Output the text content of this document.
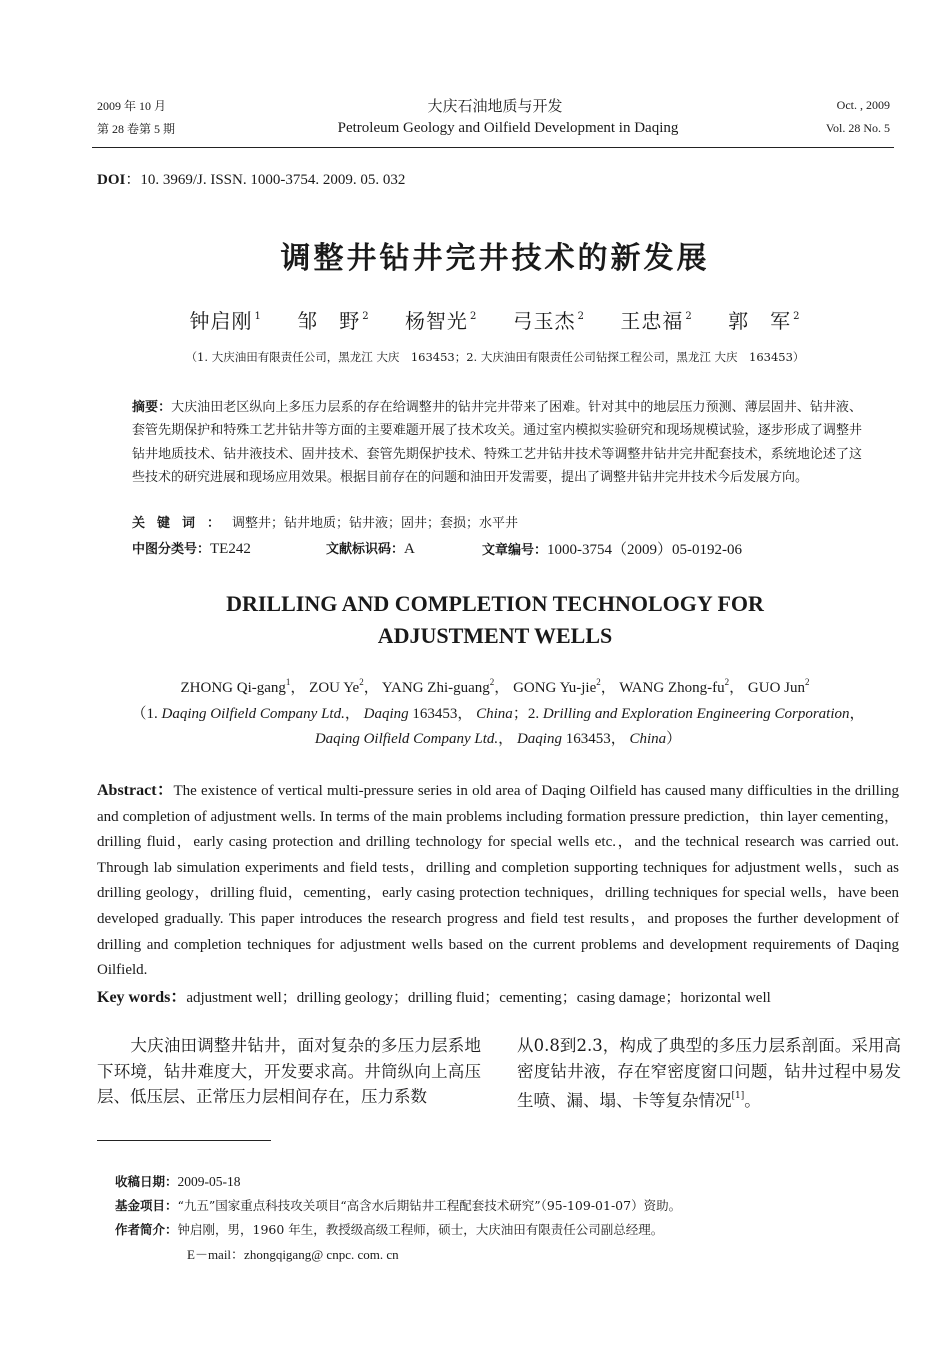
2009 年 10 月
第 28 卷第 5 期
大庆石油地质与开发
Petroleum Geology and Oilfield Development in Daqing
Oct. , 2009
Vol. 28 No. 5
DOI：10. 3969/J. ISSN. 1000-3754. 2009. 05. 032
调整井钻井完井技术的新发展
钟启刚 $^1$ 邹　野 $^2$ 杨智光 $^2$ 弓玉杰 $^2$ 王忠福 $^2$ 郭　军 $^2$
（1. 大庆油田有限责任公司，黑龙江 大庆　163453；2. 大庆油田有限责任公司钻探工程公司，黑龙江 大庆　163453）
摘要：大庆油田老区纵向上多压力层系的存在给调整井的钻井完井带来了困难。针对其中的地层压力预测、薄层固井、钻井液、套管先期保护和特殊工艺井钻井等方面的主要难题开展了技术攻关。通过室内模拟实验研究和现场规模试验，逐步形成了调整井钻井地质技术、钻井液技术、固井技术、套管先期保护技术、特殊工艺井钻井技术等调整井钻井完井配套技术，系统地论述了这些技术的研究进展和现场应用效果。根据目前存在的问题和油田开发需要，提出了调整井钻井完井技术今后发展方向。
关键词：调整井；钻井地质；钻井液；固井；套损；水平井
中图分类号：TE242	文献标识码：A	文章编号：1000-3754（2009）05-0192-06
DRILLING AND COMPLETION TECHNOLOGY FOR
ADJUSTMENT WELLS
ZHONG Qi-gang$^1$， ZOU Ye$^2$， YANG Zhi-guang$^2$， GONG Yu-jie$^2$， WANG Zhong-$fu^2$， GUO Jun$^2$
（1. Daqing Oilfield Company Ltd.， Daqing 163453， China；2. Drilling and Exploration Engineering Corporation，
Daqing Oilfield Company Ltd.， Daqing 163453， China）
Abstract：The existence of vertical multi-pressure series in old area of Daqing Oilfield has caused many difficulties in the drilling and completion of adjustment wells. In terms of the main problems including formation pressure prediction，thin layer cementing，drilling fluid，early casing protection and drilling technology for special wells etc.，and the technical research was carried out. Through lab simulation experiments and field tests，drilling and completion supporting techniques for adjustment wells，such as drilling geology，drilling fluid，cementing，early casing protection techniques，drilling techniques for special wells，have been developed gradually. This paper introduces the research progress and field test results，and proposes the further development of drilling and completion techniques for adjustment wells based on the current problems and development requirements of Daqing Oilfield.
Key words：adjustment well；drilling geology；drilling fluid；cementing；casing damage；horizontal well
　　大庆油田调整井钻井，面对复杂的多压力层系地下环境，钻井难度大，开发要求高。井筒纵向上高压层、低压层、正常压力层相间存在，压力系数
从0.8到2.3，构成了典型的多压力层系剖面。采用高密度钻井液，存在窄密度窗口问题，钻井过程中易发生喷、漏、塌、卡等复杂情况[1]。
收稿日期：2009-05-18
基金项目：“九五”国家重点科技攻关项目“高含水后期钻井工程配套技术研究”（95-109-01-07）资助。
作者简介：钟启刚，男，1960 年生，教授级高级工程师，硕士，大庆油田有限责任公司副总经理。
E－mail：zhongqigang@ cnpc. com. cn
